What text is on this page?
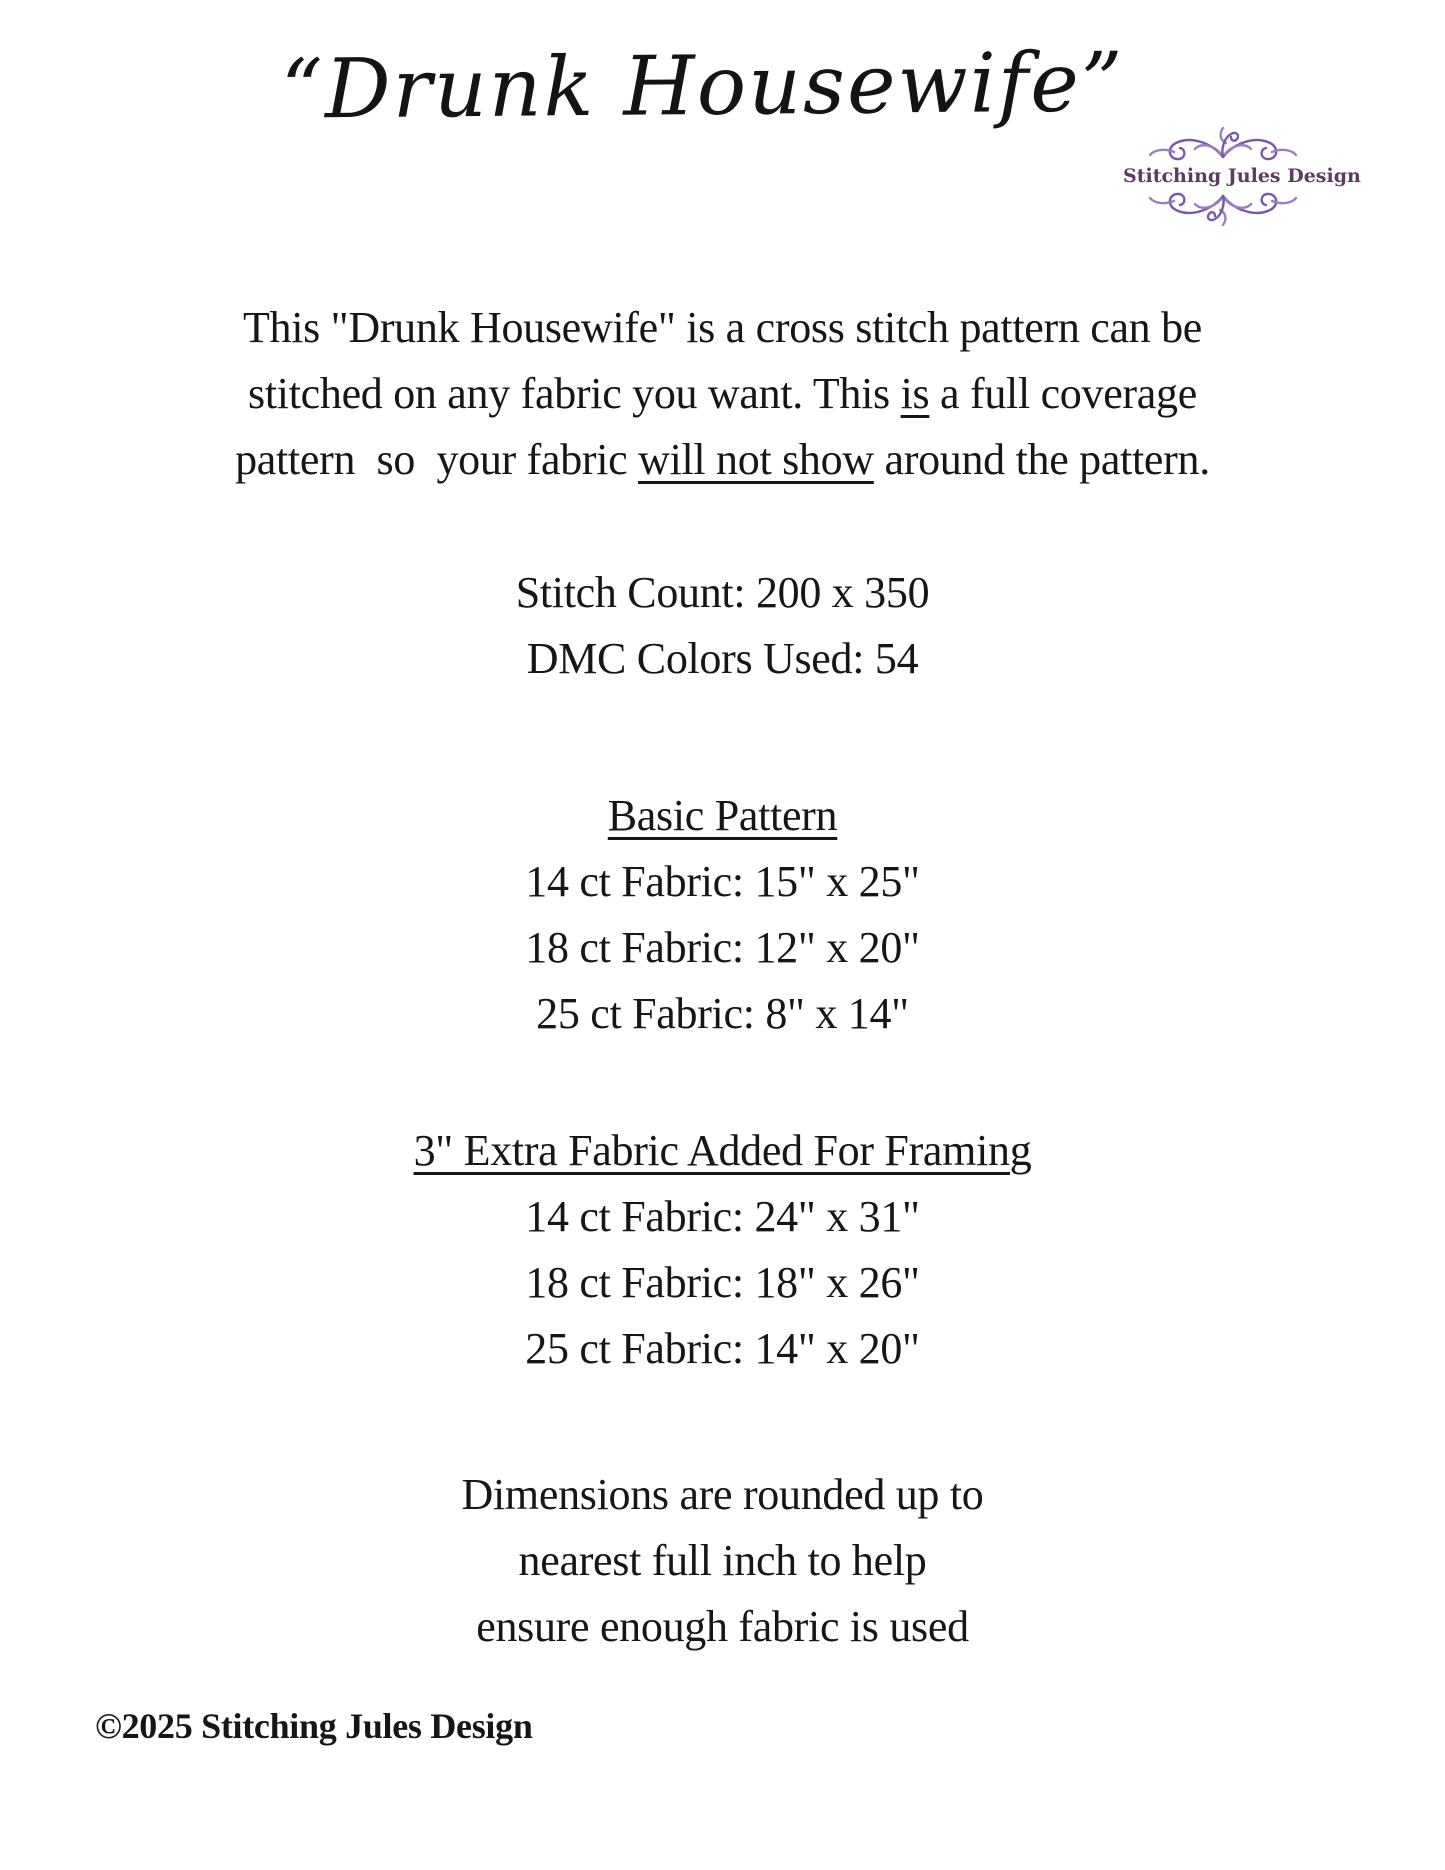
“Drunk Housewife”
Stitching Jules Design
This "Drunk Housewife" is a cross stitch pattern can be
stitched on any fabric you want. This is a full coverage
pattern  so  your fabric will not show around the pattern.
Stitch Count: 200 x 350
DMC Colors Used: 54
Basic Pattern
14 ct Fabric: 15" x 25"
18 ct Fabric: 12" x 20"
25 ct Fabric: 8" x 14"
3" Extra Fabric Added For Framing
14 ct Fabric: 24" x 31"
18 ct Fabric: 18" x 26"
25 ct Fabric: 14" x 20"
Dimensions are rounded up to
nearest full inch to help
ensure enough fabric is used
©2025 Stitching Jules Design
